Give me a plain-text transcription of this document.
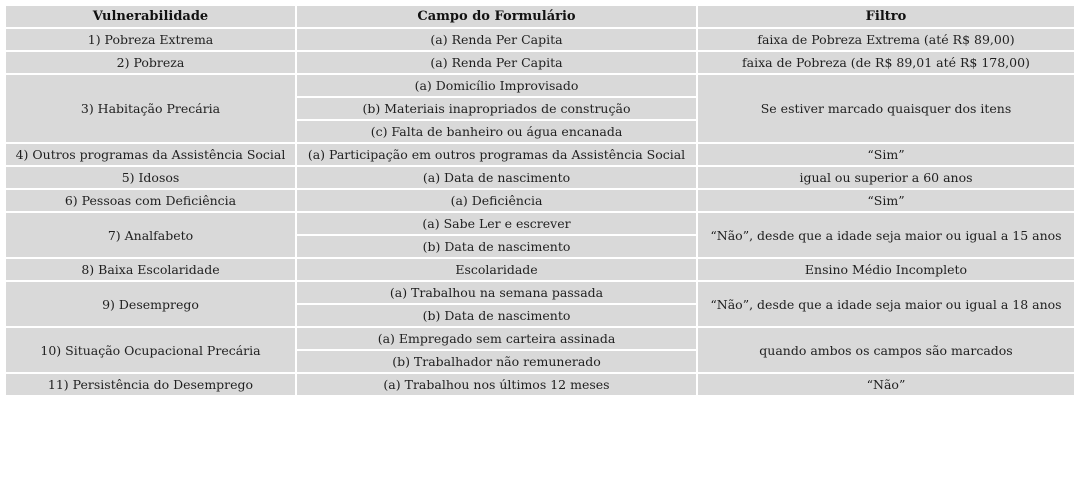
Vulnerabilidade	Campo do Formulário	Filtro
1) Pobreza Extrema	(a) Renda Per Capita	faixa de Pobreza Extrema (até R$ 89,00)
2) Pobreza	(a) Renda Per Capita	faixa de Pobreza (de R$ 89,01 até R$ 178,00)
3) Habitação Precária	(a) Domicílio Improvisado	Se estiver marcado quaisquer dos itens
	(b) Materiais inapropriados de construção	
	(c) Falta de banheiro ou água encanada	
4) Outros programas da Assistência Social	(a) Participação em outros programas da Assistência Social	“Sim”
5) Idosos	(a) Data de nascimento	igual ou superior a 60 anos
6) Pessoas com Deficiência	(a) Deficiência	“Sim”
7) Analfabeto	(a) Sabe Ler e escrever	“Não”, desde que a idade seja maior ou igual a 15 anos
	(b) Data de nascimento	
8) Baixa Escolaridade	Escolaridade	Ensino Médio Incompleto
9) Desemprego	(a) Trabalhou na semana passada	“Não”, desde que a idade seja maior ou igual a 18 anos
	(b) Data de nascimento	
10) Situação Ocupacional Precária	(a) Empregado sem carteira assinada	quando ambos os campos são marcados
	(b) Trabalhador não remunerado	
11) Persistência do Desemprego	(a) Trabalhou nos últimos 12 meses	“Não”
